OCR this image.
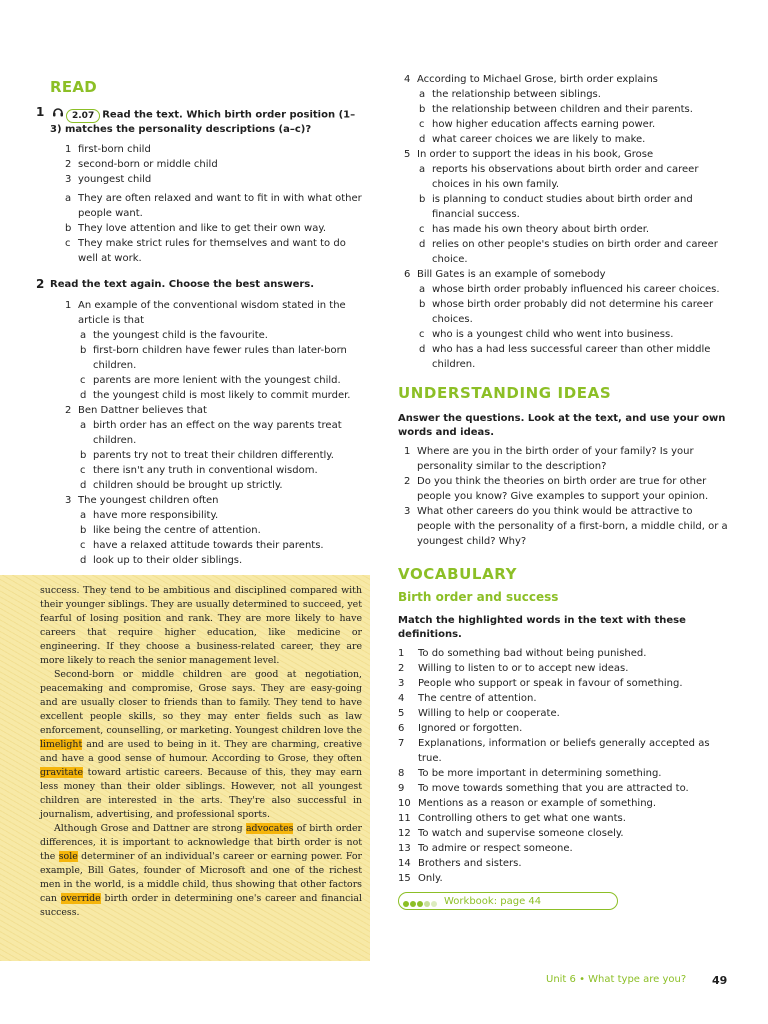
READ
1	2.07 Read the text. Which birth order position (1–3) matches the personality descriptions (a–c)?
1 first-born child
2 second-born or middle child
3 youngest child
a They are often relaxed and want to fit in with what other people want.
b They love attention and like to get their own way.
c They make strict rules for themselves and want to do well at work.
2 Read the text again. Choose the best answers.
1 An example of the conventional wisdom stated in the article is that
a the youngest child is the favourite.
b first-born children have fewer rules than later-born children.
c parents are more lenient with the youngest child.
d the youngest child is most likely to commit murder.
2 Ben Dattner believes that
a birth order has an effect on the way parents treat children.
b parents try not to treat their children differently.
c there isn't any truth in conventional wisdom.
d children should be brought up strictly.
3 The youngest children often
a have more responsibility.
b like being the centre of attention.
c have a relaxed attitude towards their parents.
d look up to their older siblings.

success. They tend to be ambitious and disciplined compared with their younger siblings. They are usually determined to succeed, yet fearful of losing position and rank. They are more likely to have careers that require higher education, like medicine or engineering. If they choose a business-related career, they are more likely to reach the senior management level.

Second-born or middle children are good at negotiation, peacemaking and compromise, Grose says. They are easy-going and are usually closer to friends than to family. They tend to have excellent people skills, so they may enter fields such as law enforcement, counselling, or marketing. Youngest children love the limelight and are used to being in it. They are charming, creative and have a good sense of humour. According to Grose, they often gravitate toward artistic careers. Because of this, they may earn less money than their older siblings. However, not all youngest children are interested in the arts. They're also successful in journalism, advertising, and professional sports.

Although Grose and Dattner are strong advocates of birth order differences, it is important to acknowledge that birth order is not the sole determiner of an individual's career or earning power. For example, Bill Gates, founder of Microsoft and one of the richest men in the world, is a middle child, thus showing that other factors can override birth order in determining one's career and financial success.

4 According to Michael Grose, birth order explains
a the relationship between siblings.
b the relationship between children and their parents.
c how higher education affects earning power.
d what career choices we are likely to make.
5 In order to support the ideas in his book, Grose
a reports his observations about birth order and career choices in his own family.
b is planning to conduct studies about birth order and financial success.
c has made his own theory about birth order.
d relies on other people's studies on birth order and career choice.
6 Bill Gates is an example of somebody
a whose birth order probably influenced his career choices.
b whose birth order probably did not determine his career choices.
c who is a youngest child who went into business.
d who has a had less successful career than other middle children.
UNDERSTANDING IDEAS
Answer the questions. Look at the text, and use your own words and ideas.
1 Where are you in the birth order of your family? Is your personality similar to the description?
2 Do you think the theories on birth order are true for other people you know? Give examples to support your opinion.
3 What other careers do you think would be attractive to people with the personality of a first-born, a middle child, or a youngest child? Why?
VOCABULARY
Birth order and success
Match the highlighted words in the text with these definitions.
1	To do something bad without being punished.
2	Willing to listen to or to accept new ideas.
3	People who support or speak in favour of something.
4	The centre of attention.
5	Willing to help or cooperate.
6	Ignored or forgotten.
7	Explanations, information or beliefs generally accepted as true.
8	To be more important in determining something.
9	To move towards something that you are attracted to.
10 Mentions as a reason or example of something.
11 Controlling others to get what one wants.
12 To watch and supervise someone closely.
13 To admire or respect someone.
14 Brothers and sisters.
15 Only.
Workbook: page 44
Unit 6 • What type are you? 49
